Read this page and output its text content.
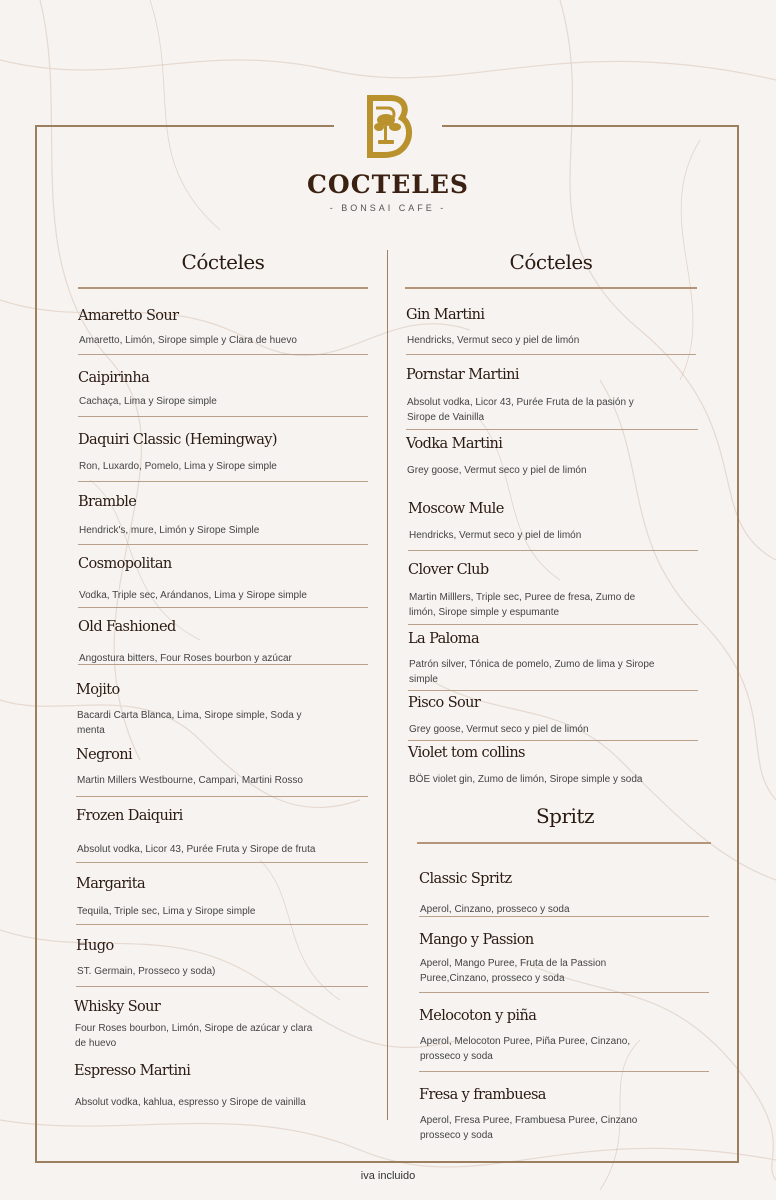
COCTELES
- BONSAI CAFE -
Cócteles
Amaretto Sour
Amaretto, Limón, Sirope simple y Clara de huevo
Caipirinha
Cachaça, Lima y Sirope simple
Daquiri Classic (Hemingway)
Ron, Luxardo, Pomelo, Lima y Sirope simple
Bramble
Hendrick's, mure, Limón y Sirope Simple
Cosmopolitan
Vodka, Triple sec, Arándanos, Lima y Sirope simple
Old Fashioned
Angostura bitters, Four Roses bourbon y azúcar
Mojito
Bacardi Carta Blanca, Lima, Sirope simple, Soda y menta
Negroni
Martin Millers Westbourne, Campari, Martini Rosso
Frozen Daiquiri
Absolut vodka, Licor 43, Purée Fruta y Sirope de fruta
Margarita
Tequila, Triple sec, Lima y Sirope simple
Hugo
ST. Germain, Prosseco y soda)
Whisky Sour
Four Roses bourbon, Limón, Sirope de azúcar y clara de huevo
Espresso Martini
Absolut vodka, kahlua, espresso y Sirope de vainilla
Cócteles
Gin Martini
Hendricks, Vermut seco y piel de limón
Pornstar Martini
Absolut vodka, Licor 43, Purée Fruta de la pasión y Sirope de Vainilla
Vodka Martini
Grey goose, Vermut seco y piel de limón
Moscow Mule
Hendricks, Vermut seco y piel de limón
Clover Club
Martin Milllers, Triple sec, Puree de fresa, Zumo de limón, Sirope simple y espumante
La Paloma
Patrón silver, Tónica de pomelo, Zumo de lima y Sirope simple
Pisco Sour
Grey goose, Vermut seco y piel de limón
Violet tom collins
BÖE violet gin, Zumo de limón, Sirope simple y soda
Spritz
Classic Spritz
Aperol, Cinzano, prosseco y soda
Mango y Passion
Aperol, Mango Puree, Fruta de la Passion Puree,Cinzano, prosseco y soda
Melocoton y piña
Aperol, Melocoton Puree, Piña Puree, Cinzano, prosseco y soda
Fresa y frambuesa
Aperol, Fresa Puree, Frambuesa Puree, Cinzano prosseco y soda
iva incluido
